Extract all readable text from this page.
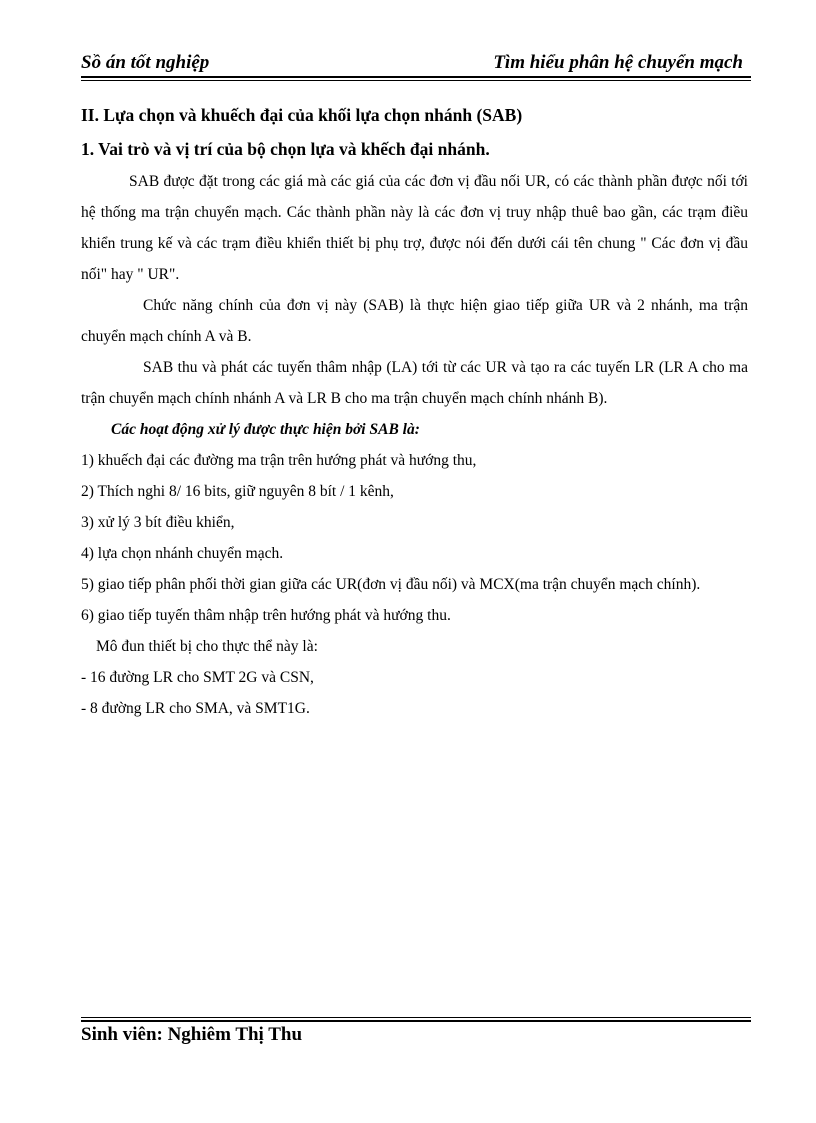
Sồ án tốt nghiệp	Tìm hiểu phân hệ chuyển mạch
II. Lựa chọn và khuếch đại của khối lựa chọn nhánh (SAB)
1. Vai trò và vị trí của bộ chọn lựa và khếch đại nhánh.

SAB được đặt trong các giá mà các giá của các đơn vị đầu nối UR, có các thành phần được nối tới hệ thống ma trận chuyển mạch. Các thành phần này là các đơn vị truy nhập thuê bao gần, các trạm điều khiển trung kế và các trạm điều khiển thiết bị phụ trợ, được nói đến dưới cái tên chung " Các đơn vị đầu nối" hay " UR".

Chức năng chính của đơn vị này (SAB) là thực hiện giao tiếp giữa UR và 2 nhánh, ma trận chuyển mạch chính A và B.

SAB thu và phát các tuyến thâm nhập (LA) tới từ các UR và tạo ra các tuyến LR (LR A cho ma trận chuyển mạch chính nhánh A và LR B cho ma trận chuyển mạch chính nhánh B).

Các hoạt động xử lý được thực hiện bởi SAB là:
1) khuếch đại các đường ma trận trên hướng phát và hướng thu,
2) Thích nghi 8/ 16 bits, giữ nguyên 8 bít / 1 kênh,
3) xử lý 3 bít điều khiển,
4) lựa chọn nhánh chuyển mạch.

5) giao tiếp phân phối thời gian giữa các UR(đơn vị đầu nối) và MCX(ma trận chuyển mạch chính).

6) giao tiếp tuyến thâm nhập trên hướng phát và hướng thu.
Mô đun thiết bị cho thực thể này là:
- 16 đường LR cho SMT 2G và CSN,
- 8 đường LR cho SMA, và SMT1G.
Sinh viên: Nghiêm Thị Thu
